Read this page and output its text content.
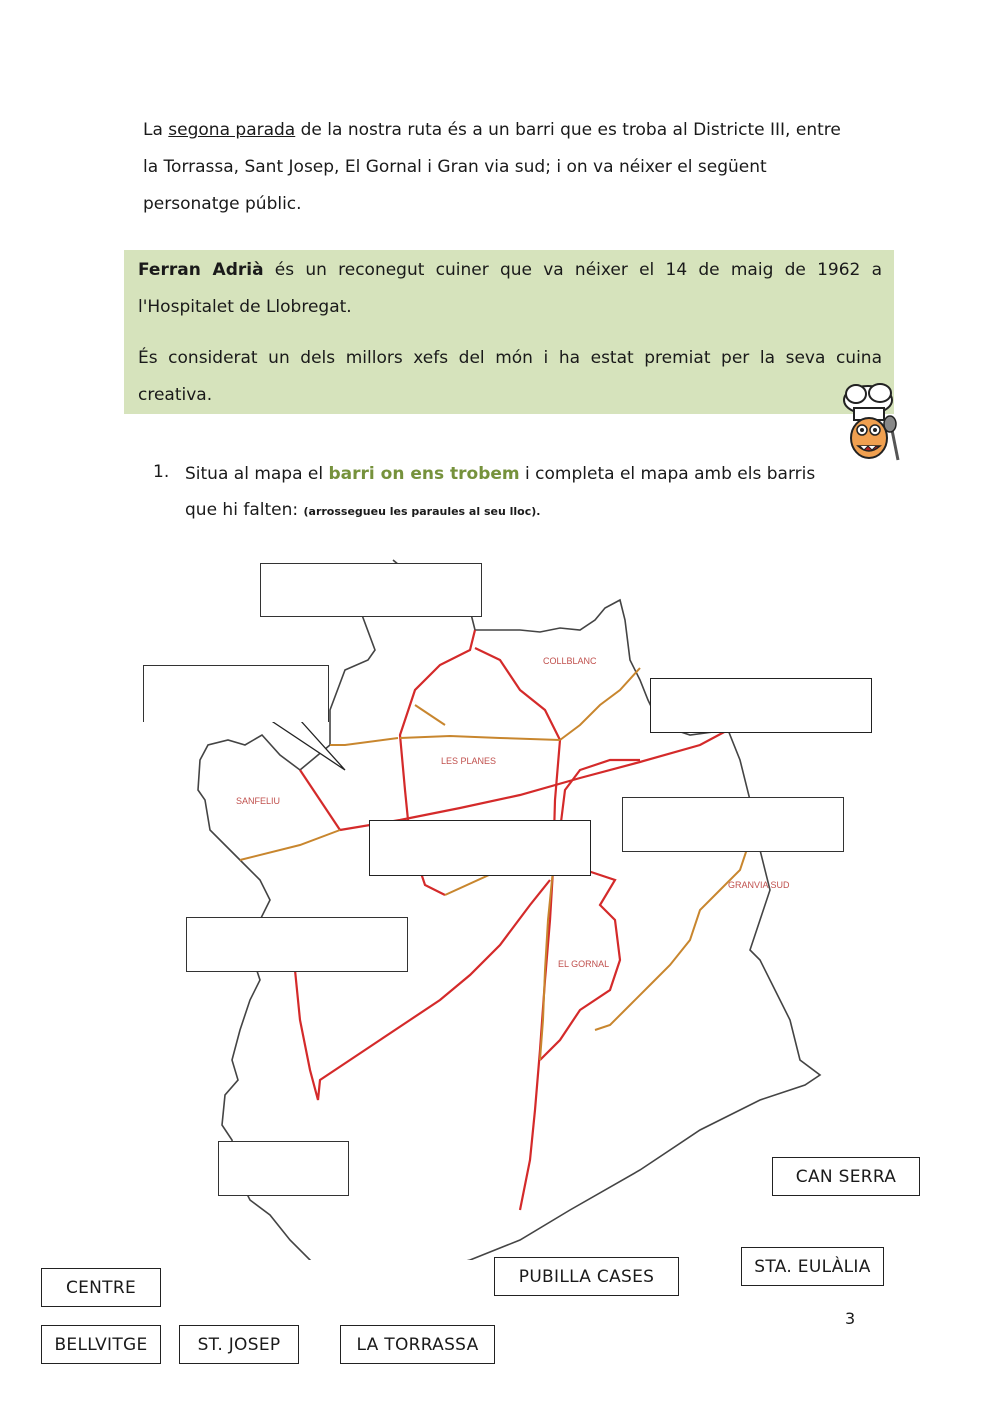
La segona parada de la nostra ruta és a un barri que es troba al Districte III, entre

la Torrassa, Sant Josep, El Gornal i Gran via sud; i on va néixer el següent

personatge públic.

Ferran Adrià és un reconegut cuiner que va néixer el 14 de maig de 1962 a l'Hospitalet de Llobregat.

És considerat un dels millors xefs del món i ha estat premiat per la seva cuina creativa.

1. Situa al mapa el barri on ens trobem i completa el mapa amb els barris que hi falten: (arrossegueu les paraules al seu lloc).

COLLBLANC
LES PLANES
SANFELIU
GRANVIA SUD
EL GORNAL
CAN SERRA
STA. EULÀLIA
PUBILLA CASES
CENTRE
BELLVITGE	ST. JOSEP	LA TORRASSA
3
